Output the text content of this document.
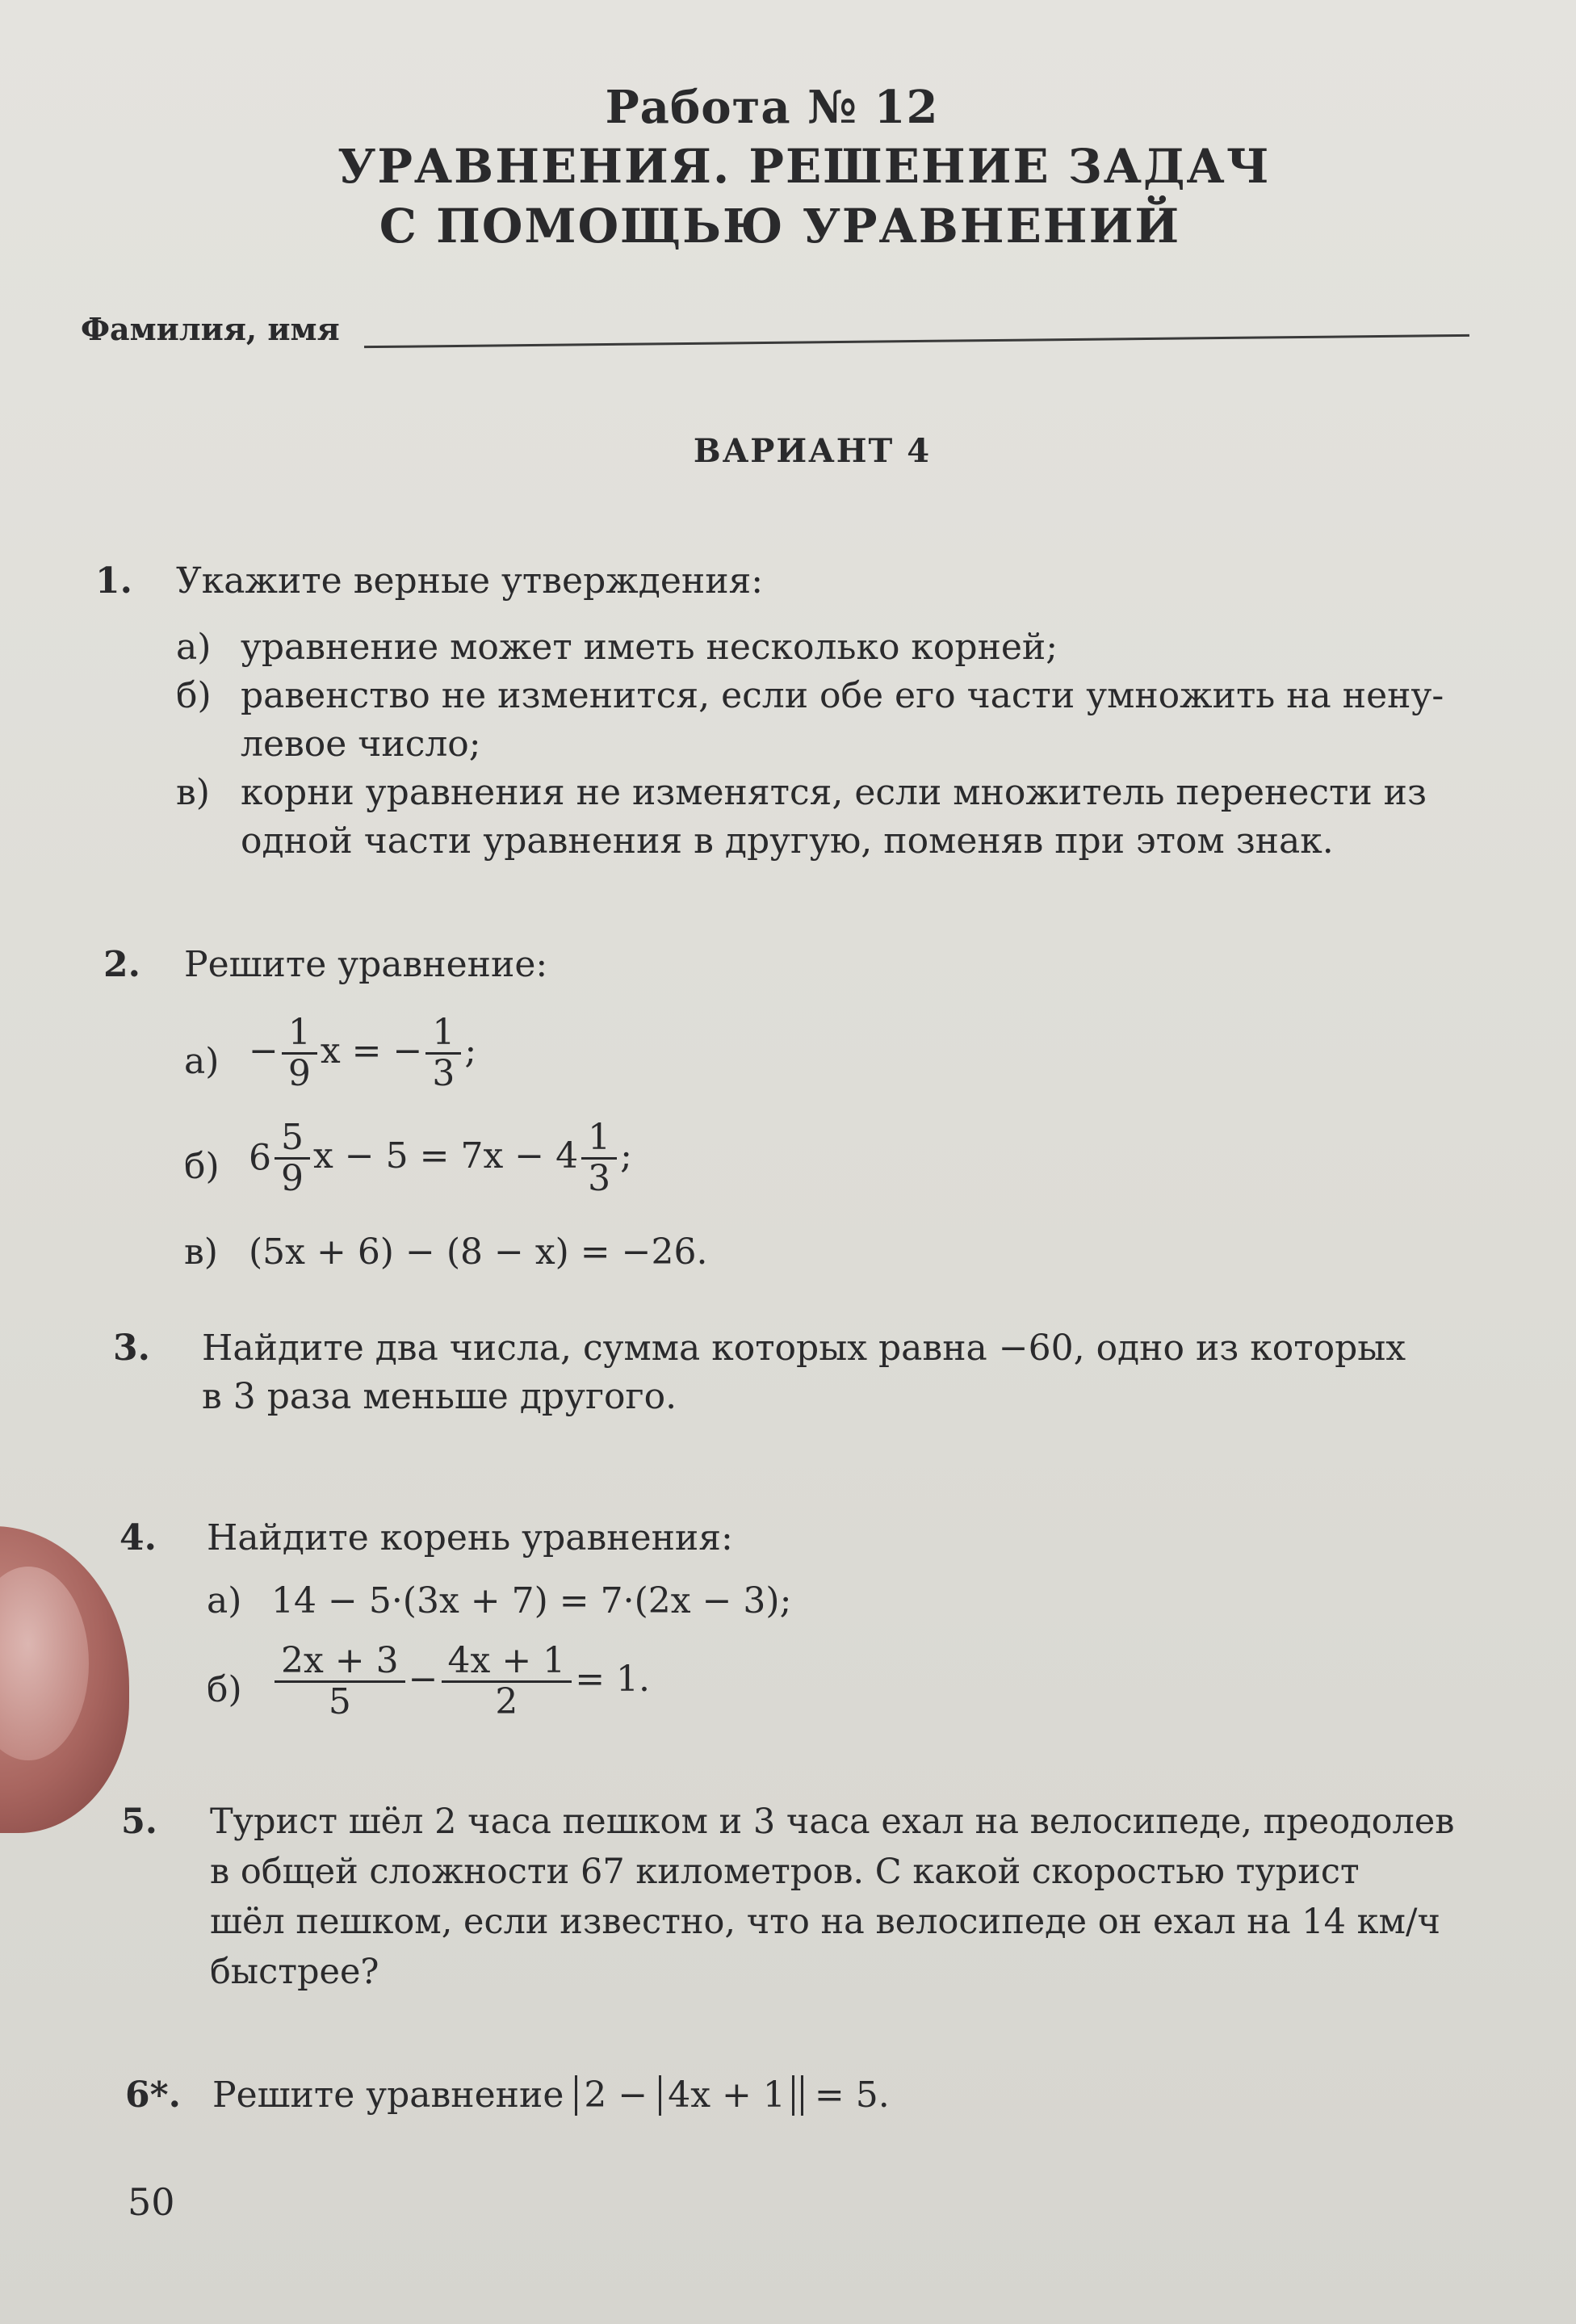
Работа № 12
УРАВНЕНИЯ. РЕШЕНИЕ ЗАДАЧ
С ПОМОЩЬЮ УРАВНЕНИЙ
Фамилия, имя
ВАРИАНТ 4
1. Укажите верные утверждения:
а) уравнение может иметь несколько корней;
б) равенство не изменится, если обе его части умножить на нену-
левое число;
в) корни уравнения не изменятся, если множитель перенести из
одной части уравнения в другую, поменяв при этом знак.
2. Решите уравнение:
$а) - \frac{1}{9}$ x = − $\frac{1}{3}$ ;
б) $6 \frac{5}{9}$ $x - 5 = 7x - 4 \frac{1}{3}$ ;
в) (5x + 6) − (8 − x) = −26.
3. Найдите два числа, сумма которых равна −60, одно из которых
в 3 раза меньше другого.
4. Найдите корень уравнения:
а) 14 − 5·(3x + 7) = 7·(2x − 3);
$б) \frac{2x + 3}{5} - \frac{4x + 1}{2} = 1$.
5. Турист шёл 2 часа пешком и 3 часа ехал на велосипеде, преодолев
в общей сложности 67 километров. С какой скоростью турист
шёл пешком, если известно, что на велосипеде он ехал на 14 км/ч
быстрее?
6*. Решите уравнение 2 − 4x + 1 = 5.
50
